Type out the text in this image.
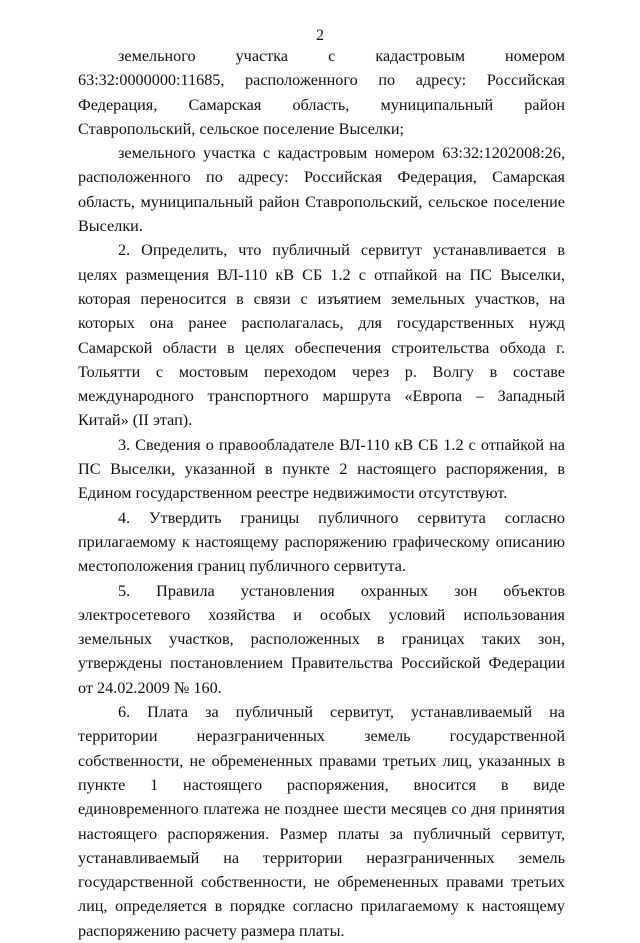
2

земельного участка с кадастровым номером 63:32:0000000:11685, расположенного по адресу: Российская Федерация, Самарская область, муниципальный район Ставропольский, сельское поселение Выселки;

земельного участка с кадастровым номером 63:32:1202008:26, расположенного по адресу: Российская Федерация, Самарская область, муниципальный район Ставропольский, сельское поселение Выселки.

2. Определить, что публичный сервитут устанавливается в целях размещения ВЛ-110 кВ СБ 1.2 с отпайкой на ПС Выселки, которая переносится в связи с изъятием земельных участков, на которых она ранее располагалась, для государственных нужд Самарской области в целях обеспечения строительства обхода г. Тольятти с мостовым переходом через р. Волгу в составе международного транспортного маршрута «Европа – Западный Китай» (II этап).

3. Сведения о правообладателе ВЛ-110 кВ СБ 1.2 с отпайкой на ПС Выселки, указанной в пункте 2 настоящего распоряжения, в Едином государственном реестре недвижимости отсутствуют.

4. Утвердить границы публичного сервитута согласно прилагаемому к настоящему распоряжению графическому описанию местоположения границ публичного сервитута.

5. Правила установления охранных зон объектов электросетевого хозяйства и особых условий использования земельных участков, расположенных в границах таких зон, утверждены постановлением Правительства Российской Федерации от 24.02.2009 № 160.

6. Плата за публичный сервитут, устанавливаемый на территории неразграниченных земель государственной собственности, не обремененных правами третьих лиц, указанных в пункте 1 настоящего распоряжения, вносится в виде единовременного платежа не позднее шести месяцев со дня принятия настоящего распоряжения. Размер платы за публичный сервитут, устанавливаемый на территории неразграниченных земель государственной собственности, не обремененных правами третьих лиц, определяется в порядке согласно прилагаемому к настоящему распоряжению расчету размера платы.
